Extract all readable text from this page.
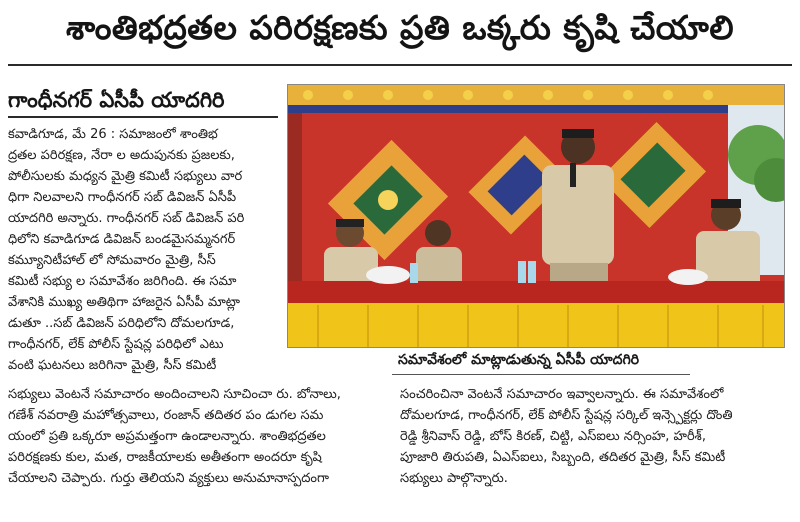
శాంతిభద్రతల పరిరక్షణకు ప్రతి ఒక్కరు కృషి చేయాలి
గాంధీనగర్ ఏసీపీ యాదగిరి
కవాడిగూడ, మే 26 : సమాజంలో శాంతిభ
ద్రతల పరిరక్షణ, నేరా ల అదుపునకు ప్రజలకు,
పోలీసులకు మధ్యన మైత్రి కమిటీ సభ్యులు వార
ధిగా నిలవాలని గాంధీనగర్ సబ్ డివిజన్ ఏసీపీ
యాదగిరి అన్నారు. గాంధీనగర్ సబ్ డివిజన్ పరి
ధిలోని కవాడిగూడ డివిజన్ బండమైసమ్మనగర్
కమ్యూనిటీహాల్ లో సోమవారం మైత్రి, సీస్
కమిటీ సభ్యు ల సమావేశం జరిగింది. ఈ సమా
వేశానికి ముఖ్య అతిథిగా హాజరైన ఏసీపీ మాట్లా
డుతూ ..సబ్ డివిజన్ పరిధిలోని దోమలగూడ,
గాంధీనగర్, లేక్ పోలీస్ స్టేషన్ల పరిధిలో ఎటు
వంటి ఘటనలు జరిగినా మైత్రి, సీస్ కమిటీ
సభ్యులు వెంటనే సమాచారం అందించాలని సూచించా రు. బోనాలు,
గణేశ్ నవరాత్రి మహోత్సవాలు, రంజాన్ తదితర పం డుగల సమ
యంలో ప్రతి ఒక్కరూ అప్రమత్తంగా ఉండాలన్నారు. శాంతిభద్రతల
పరిరక్షణకు కుల, మత, రాజకీయాలకు అతీతంగా అందరూ కృషి
చేయాలని చెప్పారు. గుర్తు తెలియని వ్యక్తులు అనుమానాస్పదంగా
సంచరించినా వెంటనే సమాచారం ఇవ్వాలన్నారు. ఈ సమావేశంలో
దోమలగూడ, గాంధీనగర్, లేక్ పోలీస్ స్టేషన్ల సర్కిల్ ఇన్స్పెక్టర్లు దొంతి
రెడ్డి శ్రీనివాస్ రెడ్డి, బోస్ కిరణ్, చిట్టి, ఎస్ఐలు నర్సింహ, హరీశ్,
పూజారి తిరుపతి, ఏఎస్ఐలు, సిబ్బంది, తదితర మైత్రి, సీస్ కమిటీ
సభ్యులు పాల్గొన్నారు.
సమావేశంలో మాట్లాడుతున్న ఏసీపీ యాదగిరి
